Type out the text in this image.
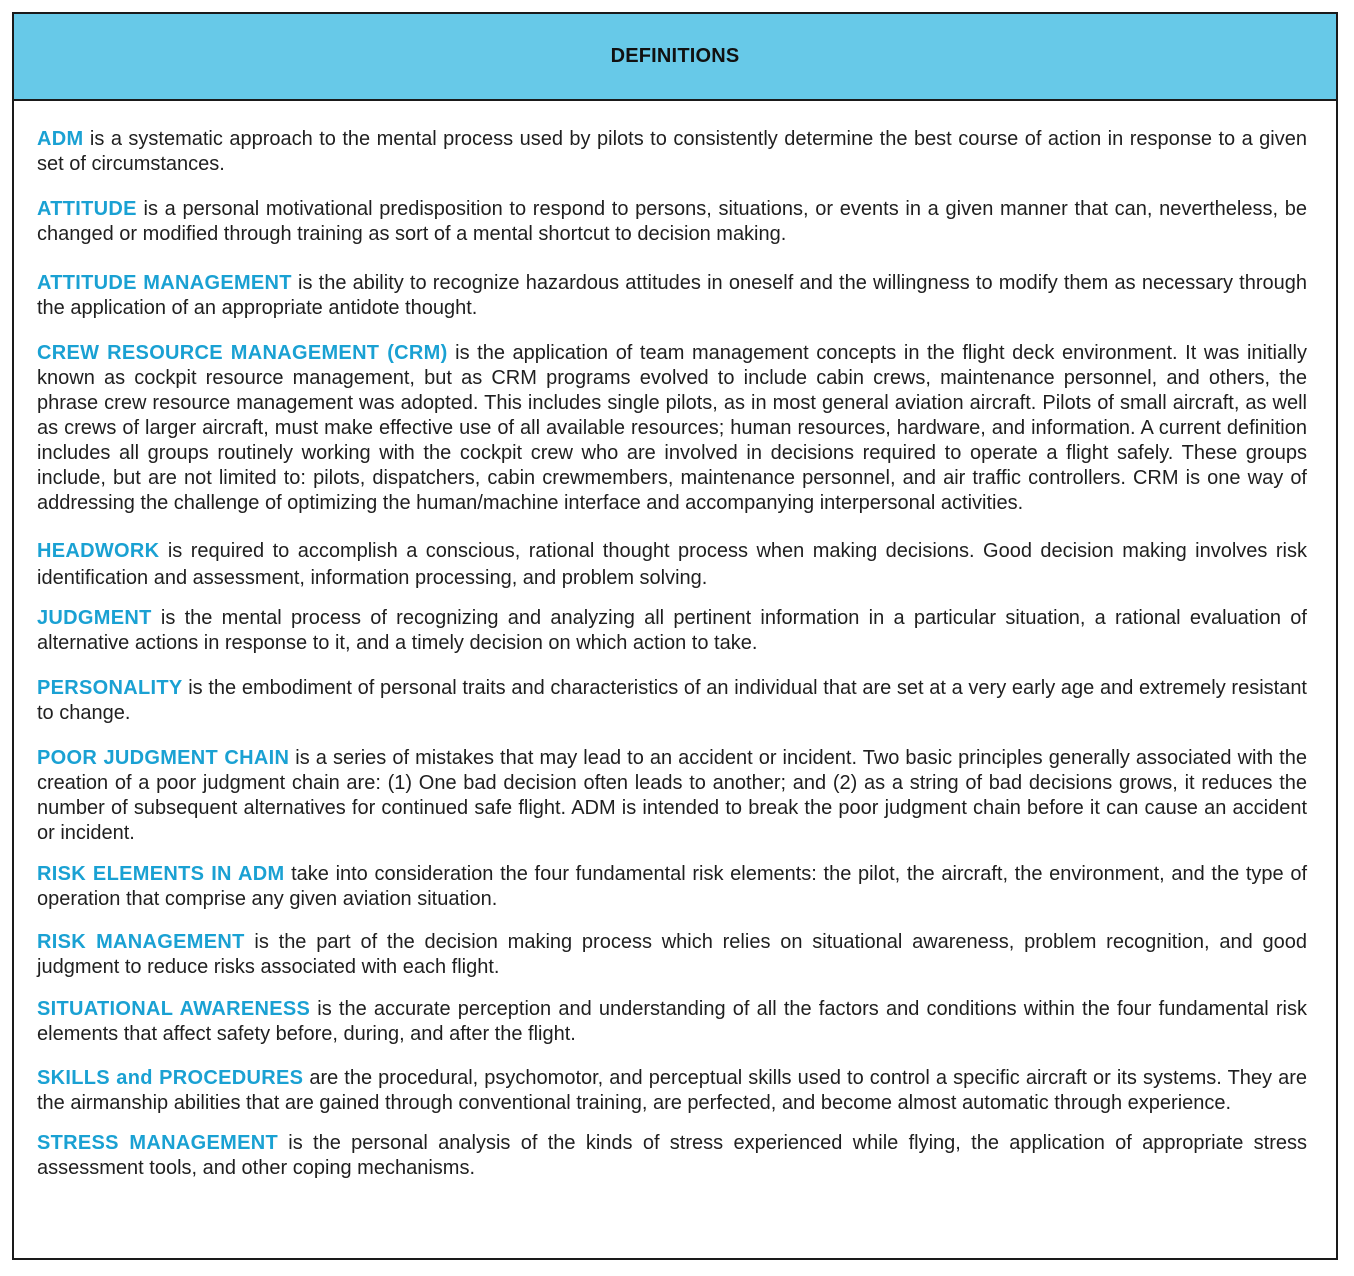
DEFINITIONS

ADM is a systematic approach to the mental process used by pilots to consistently determine the best course of action in response to a given set of circumstances.

ATTITUDE is a personal motivational predisposition to respond to persons, situations, or events in a given manner that can, nevertheless, be changed or modified through training as sort of a mental shortcut to decision making.

ATTITUDE MANAGEMENT is the ability to recognize hazardous attitudes in oneself and the willingness to modify them as necessary through the application of an appropriate antidote thought.

CREW RESOURCE MANAGEMENT (CRM) is the application of team management concepts in the flight deck environment. It was initially known as cockpit resource management, but as CRM programs evolved to include cabin crews, maintenance personnel, and others, the phrase crew resource management was adopted. This includes single pilots, as in most general aviation aircraft. Pilots of small aircraft, as well as crews of larger aircraft, must make effective use of all available resources; human resources, hardware, and information. A current definition includes all groups routinely working with the cockpit crew who are involved in decisions required to operate a flight safely. These groups include, but are not limited to: pilots, dispatchers, cabin crewmembers, maintenance personnel, and air traffic controllers. CRM is one way of addressing the challenge of optimizing the human/machine interface and accompanying interpersonal activities.

HEADWORK is required to accomplish a conscious, rational thought process when making decisions. Good decision making involves risk identification and assessment, information processing, and problem solving.

JUDGMENT is the mental process of recognizing and analyzing all pertinent information in a particular situation, a rational evaluation of alternative actions in response to it, and a timely decision on which action to take.

PERSONALITY is the embodiment of personal traits and characteristics of an individual that are set at a very early age and extremely resistant to change.

POOR JUDGMENT CHAIN is a series of mistakes that may lead to an accident or incident. Two basic principles generally associated with the creation of a poor judgment chain are: (1) One bad decision often leads to another; and (2) as a string of bad decisions grows, it reduces the number of subsequent alternatives for continued safe flight. ADM is intended to break the poor judgment chain before it can cause an accident or incident.

RISK ELEMENTS IN ADM take into consideration the four fundamental risk elements: the pilot, the aircraft, the environment, and the type of operation that comprise any given aviation situation.

RISK MANAGEMENT is the part of the decision making process which relies on situational awareness, problem recognition, and good judgment to reduce risks associated with each flight.

SITUATIONAL AWARENESS is the accurate perception and understanding of all the factors and conditions within the four fundamental risk elements that affect safety before, during, and after the flight.

SKILLS and PROCEDURES are the procedural, psychomotor, and perceptual skills used to control a specific aircraft or its systems. They are the airmanship abilities that are gained through conventional training, are perfected, and become almost automatic through experience.

STRESS MANAGEMENT is the personal analysis of the kinds of stress experienced while flying, the application of appropriate stress assessment tools, and other coping mechanisms.
